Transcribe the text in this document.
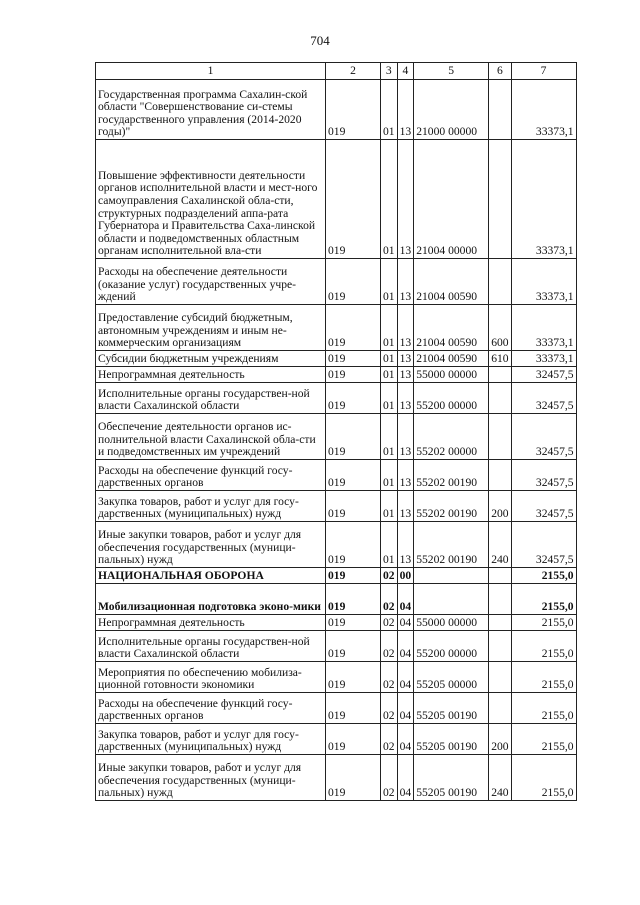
704
1	2	3	4	5	6	7
Государственная программа Сахалин-ской области "Совершенствование си-стемы государственного управления (2014-2020 годы)"	019	01	13	21000 00000		33373,1
Повышение эффективности деятельности органов исполнительной власти и мест-ного самоуправления Сахалинской обла-сти, структурных подразделений аппа-рата Губернатора и Правительства Саха-линской области и подведомственных областным органам исполнительной вла-сти	019	01	13	21004 00000		33373,1
Расходы на обеспечение деятельности (оказание услуг) государственных учре-ждений	019	01	13	21004 00590		33373,1
Предоставление субсидий бюджетным, автономным учреждениям и иным не-коммерческим организациям	019	01	13	21004 00590	600	33373,1
Субсидии бюджетным учреждениям	019	01	13	21004 00590	610	33373,1
Непрограммная деятельность	019	01	13	55000 00000		32457,5
Исполнительные органы государствен-ной власти Сахалинской области	019	01	13	55200 00000		32457,5
Обеспечение деятельности органов ис-полнительной власти Сахалинской обла-сти и подведомственных им учреждений	019	01	13	55202 00000		32457,5
Расходы на обеспечение функций госу-дарственных органов	019	01	13	55202 00190		32457,5
Закупка товаров, работ и услуг для госу-дарственных (муниципальных) нужд	019	01	13	55202 00190	200	32457,5
Иные закупки товаров, работ и услуг для обеспечения государственных (муници-пальных) нужд	019	01	13	55202 00190	240	32457,5
НАЦИОНАЛЬНАЯ ОБОРОНА	019	02	00			2155,0
Мобилизационная подготовка эконо-мики	019	02	04			2155,0
Непрограммная деятельность	019	02	04	55000 00000		2155,0
Исполнительные органы государствен-ной власти Сахалинской области	019	02	04	55200 00000		2155,0
Мероприятия по обеспечению мобилиза-ционной готовности экономики	019	02	04	55205 00000		2155,0
Расходы на обеспечение функций госу-дарственных органов	019	02	04	55205 00190		2155,0
Закупка товаров, работ и услуг для госу-дарственных (муниципальных) нужд	019	02	04	55205 00190	200	2155,0
Иные закупки товаров, работ и услуг для обеспечения государственных (муници-пальных) нужд	019	02	04	55205 00190	240	2155,0
